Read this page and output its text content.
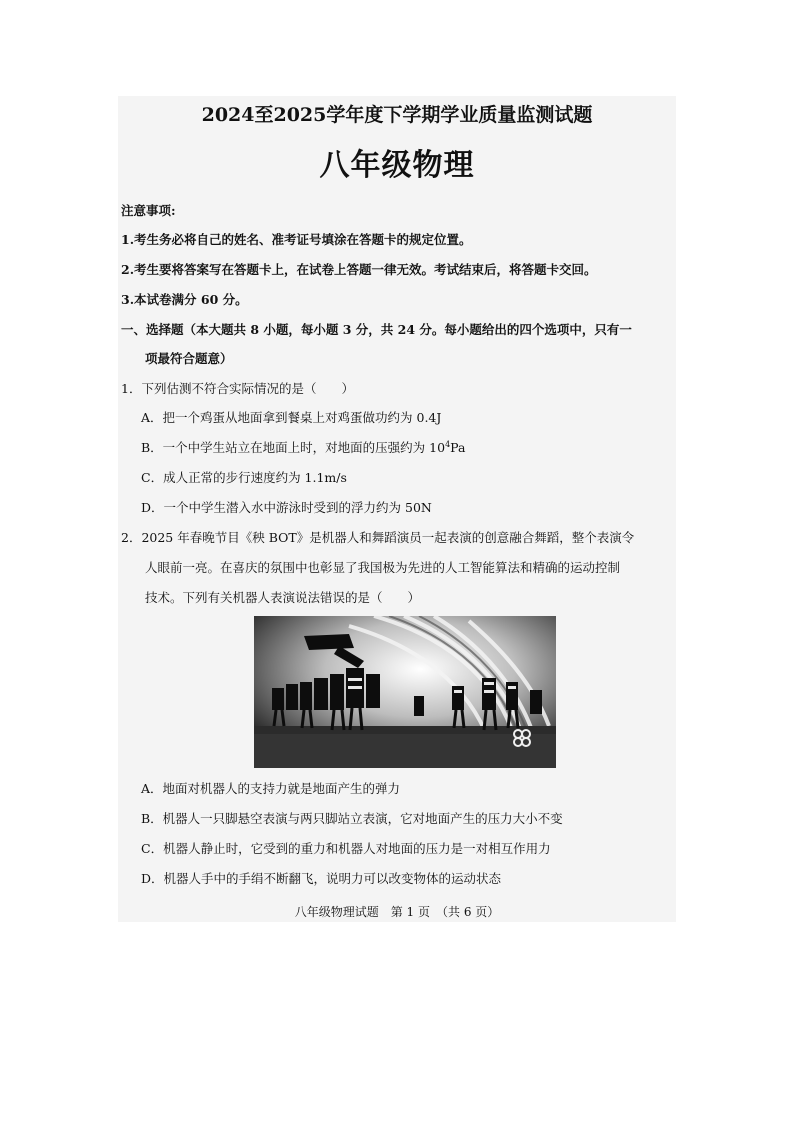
2024至2025学年度下学期学业质量监测试题
八年级物理
注意事项:
1.考生务必将自己的姓名、准考证号填涂在答题卡的规定位置。
2.考生要将答案写在答题卡上，在试卷上答题一律无效。考试结束后，将答题卡交回。
3.本试卷满分 60 分。
一、选择题（本大题共 8 小题，每小题 3 分，共 24 分。每小题给出的四个选项中，只有一
项最符合题意）
1．下列估测不符合实际情况的是（　　）
A．把一个鸡蛋从地面拿到餐桌上对鸡蛋做功约为 0.4J
B．一个中学生站立在地面上时，对地面的压强约为 $10^4Pa$
C．成人正常的步行速度约为 1.1m/s
D．一个中学生潜入水中游泳时受到的浮力约为 50N
2．2025 年春晚节目《秧 BOT》是机器人和舞蹈演员一起表演的创意融合舞蹈，整个表演令
人眼前一亮。在喜庆的氛围中也彰显了我国极为先进的人工智能算法和精确的运动控制
技术。下列有关机器人表演说法错误的是（　　）
A．地面对机器人的支持力就是地面产生的弹力
B．机器人一只脚悬空表演与两只脚站立表演，它对地面产生的压力大小不变
C．机器人静止时，它受到的重力和机器人对地面的压力是一对相互作用力
D．机器人手中的手绢不断翻飞，说明力可以改变物体的运动状态
八年级物理试题　第 1 页　（共 6 页）
